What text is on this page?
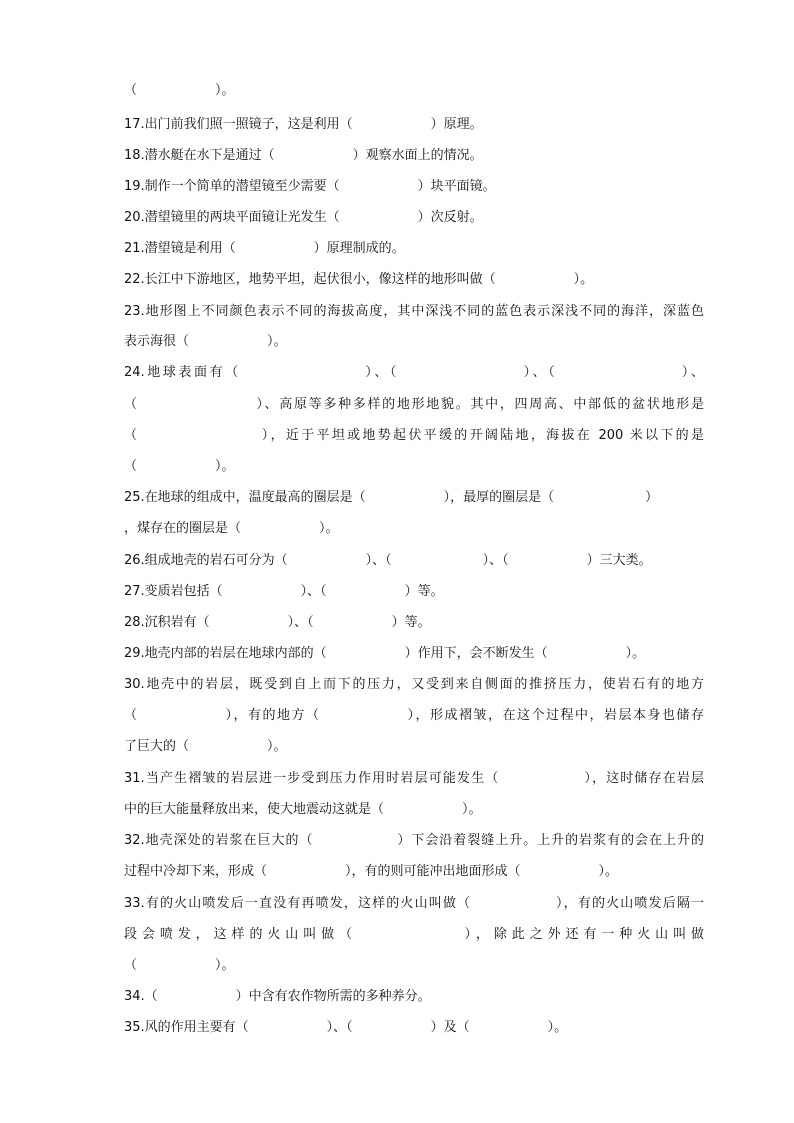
（　　　　　　）。
17.出门前我们照一照镜子，这是利用（　　　　　　）原理。
18.潜水艇在水下是通过（　　　　　　）观察水面上的情况。
19.制作一个简单的潜望镜至少需要（　　　　　　）块平面镜。
20.潜望镜里的两块平面镜让光发生（　　　　　　）次反射。
21.潜望镜是利用（　　　　　　）原理制成的。
22.长江中下游地区，地势平坦，起伏很小，像这样的地形叫做（　　　　　　）。
23.地形图上不同颜色表示不同的海拔高度，其中深浅不同的蓝色表示深浅不同的海洋，深蓝色
表示海很（　　　　　　）。
24.地球表面有（　　　　　　　　）、（　　　　　　　　）、（　　　　　　　　）、
（　　　　　　　　）、高原等多种多样的地形地貌。其中，四周高、中部低的盆状地形是
（　　　　　　　　），近于平坦或地势起伏平缓的开阔陆地，海拔在 200 米以下的是
（　　　　　　）。
25.在地球的组成中，温度最高的圈层是（　　　　　　），最厚的圈层是（　　　　　　　）
，煤存在的圈层是（　　　　　　）。
26.组成地壳的岩石可分为（　　　　　　）、（　　　　　　　）、（　　　　　　）三大类。
27.变质岩包括（　　　　　　）、（　　　　　　）等。
28.沉积岩有（　　　　　　）、（　　　　　　）等。
29.地壳内部的岩层在地球内部的（　　　　　　）作用下，会不断发生（　　　　　　）。
30.地壳中的岩层，既受到自上而下的压力，又受到来自侧面的推挤压力，使岩石有的地方
（　　　　　　），有的地方（　　　　　　），形成褶皱，在这个过程中，岩层本身也储存
了巨大的（　　　　　　）。
31.当产生褶皱的岩层进一步受到压力作用时岩层可能发生（　　　　　　），这时储存在岩层
中的巨大能量释放出来，使大地震动这就是（　　　　　　）。
32.地壳深处的岩浆在巨大的（　　　　　　）下会沿着裂缝上升。上升的岩浆有的会在上升的
过程中冷却下来，形成（　　　　　　），有的则可能冲出地面形成（　　　　　　）。
33.有的火山喷发后一直没有再喷发，这样的火山叫做（　　　　　　），有的火山喷发后隔一
段会喷发，这样的火山叫做（　　　　　　），除此之外还有一种火山叫做
（　　　　　　）。
34.（　　　　　　）中含有农作物所需的多种养分。
35.风的作用主要有（　　　　　　）、（　　　　　　）及（　　　　　　）。
